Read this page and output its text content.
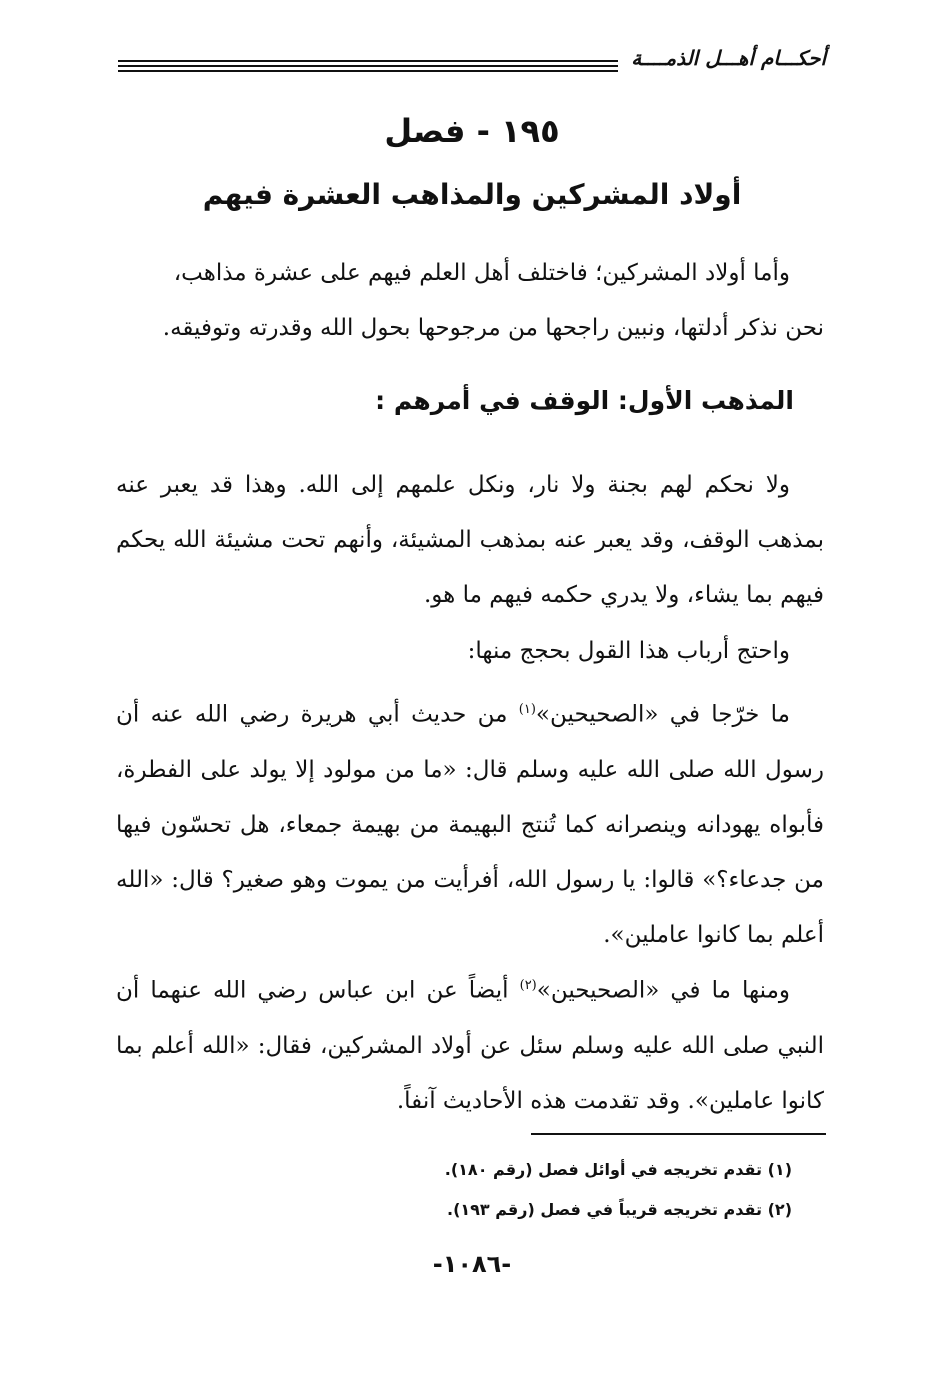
أحكـــام أهـــل الذمــــة
١٩٥ - فصل
أولاد المشركين والمذاهب العشرة فيهم

وأما أولاد المشركين؛ فاختلف أهل العلم فيهم على عشرة مذاهب،

نحن نذكر أدلتها، ونبين راجحها من مرجوحها بحول الله وقدرته وتوفيقه.

المذهب الأول: الوقف في أمرهم :

ولا نحكم لهم بجنة ولا نار، ونكل علمهم إلى الله. وهذا قد يعبر عنه بمذهب الوقف، وقد يعبر عنه بمذهب المشيئة، وأنهم تحت مشيئة الله يحكم فيهم بما يشاء، ولا يدري حكمه فيهم ما هو.

واحتج أرباب هذا القول بحجج منها:

ما خرّجا في «الصحيحين»$^{(١)}$ من حديث أبي هريرة رضي الله عنه أن رسول الله صلى الله عليه وسلم قال: «ما من مولود إلا يولد على الفطرة، فأبواه يهودانه وينصرانه كما تُنتج البهيمة من بهيمة جمعاء، هل تحسّون فيها من جدعاء؟» قالوا: يا رسول الله، أفرأيت من يموت وهو صغير؟ قال: «الله أعلم بما كانوا عاملين».

ومنها ما في «الصحيحين»$^{(٢)}$ أيضاً عن ابن عباس رضي الله عنهما أن النبي صلى الله عليه وسلم سئل عن أولاد المشركين، فقال: «الله أعلم بما كانوا عاملين». وقد تقدمت هذه الأحاديث آنفاً.

(١) تقدم تخريجه في أوائل فصل (رقم ١٨٠).
(٢) تقدم تخريجه قريباً في فصل (رقم ١٩٣).
-١٠٨٦-
